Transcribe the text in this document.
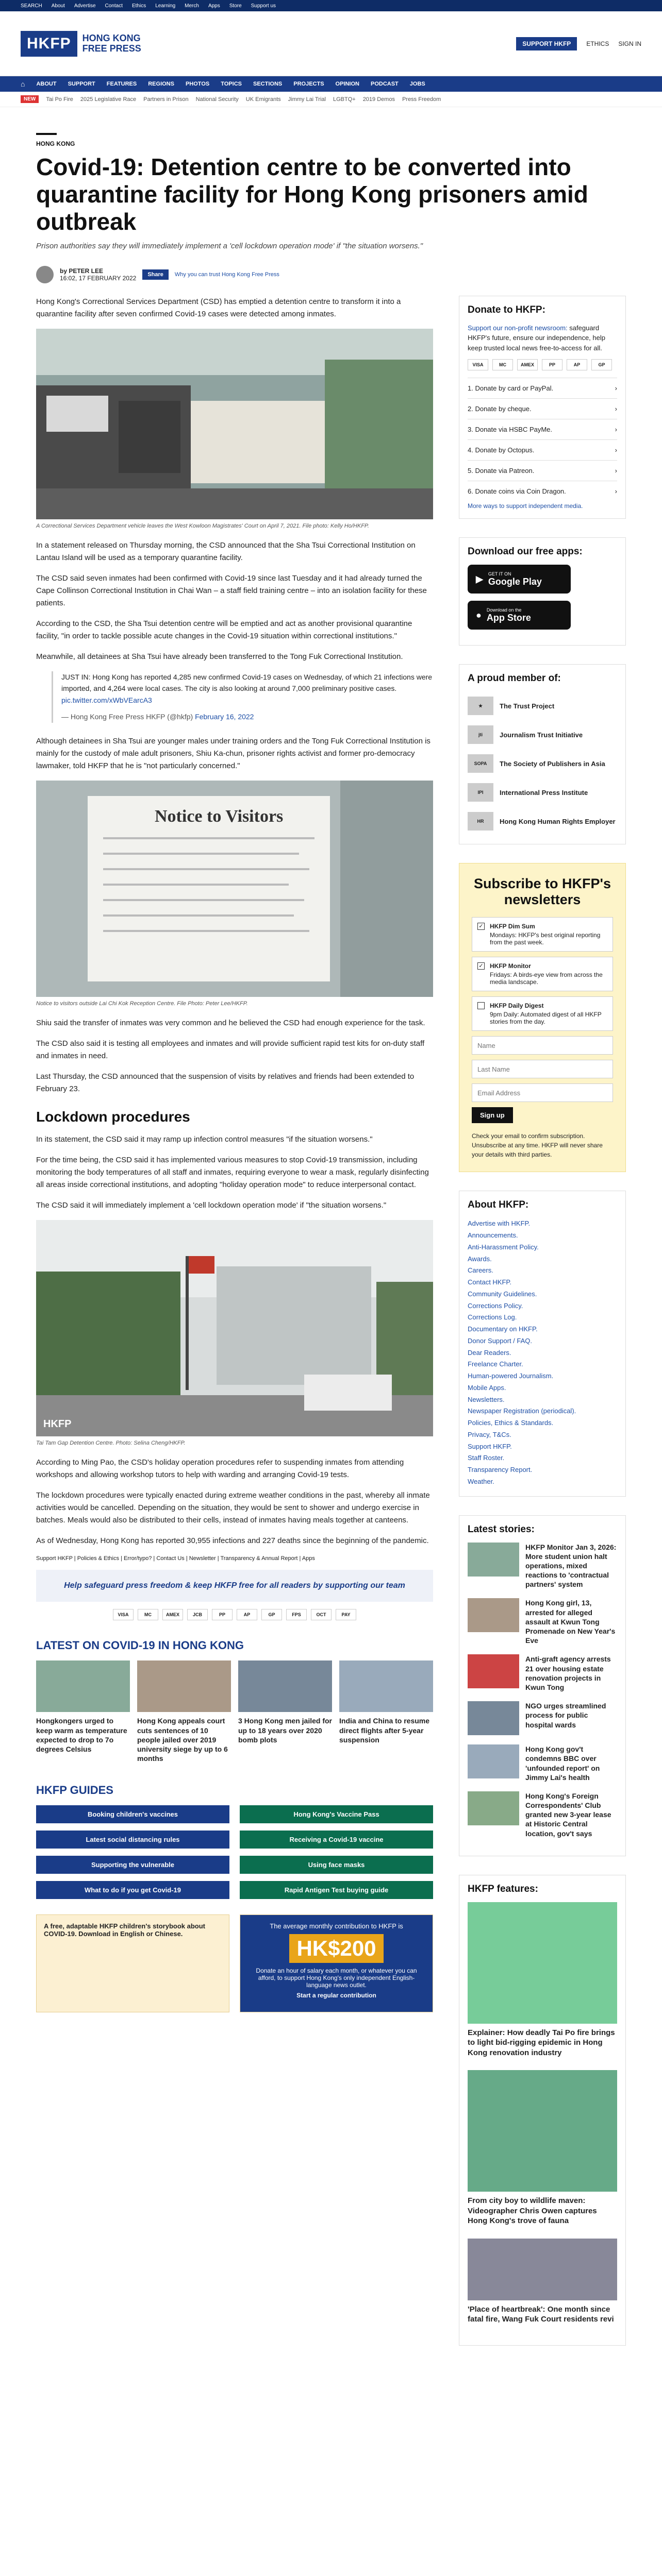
SEARCH About Advertise Contact Ethics Learning Merch Apps Store Support us
HKFP	HONG KONG
FREE PRESS	SUPPORT HKFP	ETHICS SIGN IN
⌂ ABOUT SUPPORT FEATURES REGIONS PHOTOS TOPICS SECTIONS PROJECTS OPINION PODCAST JOBS
NEW	Tai Po Fire 2025 Legislative Race Partners in Prison National Security UK Emigrants Jimmy Lai Trial LGBTQ+ 2019 Demos Press Freedom
HONG KONG
Covid-19: Detention centre to be converted into quarantine facility for Hong Kong prisoners amid outbreak
Prison authorities say they will immediately implement a 'cell lockdown operation mode' if "the situation worsens."
by PETER LEE
16:02, 17 FEBRUARY 2022	Share	Why you can trust Hong Kong Free Press

Hong Kong's Correctional Services Department (CSD) has emptied a detention centre to transform it into a quarantine facility after seven confirmed Covid-19 cases were detected among inmates.

A Correctional Services Department vehicle leaves the West Kowloon Magistrates' Court on April 7, 2021. File photo: Kelly Ho/HKFP.

In a statement released on Thursday morning, the CSD announced that the Sha Tsui Correctional Institution on Lantau Island will be used as a temporary quarantine facility.

The CSD said seven inmates had been confirmed with Covid-19 since last Tuesday and it had already turned the Cape Collinson Correctional Institution in Chai Wan – a staff field training centre – into an isolation facility for these patients.

According to the CSD, the Sha Tsui detention centre will be emptied and act as another provisional quarantine facility, "in order to tackle possible acute changes in the Covid-19 situation within correctional institutions."

Meanwhile, all detainees at Sha Tsui have already been transferred to the Tong Fuk Correctional Institution.

JUST IN: Hong Kong has reported 4,285 new confirmed Covid-19 cases on Wednesday, of which 21 infections were imported, and 4,264 were local cases. The city is also looking at around 7,000 preliminary positive cases.
pic.twitter.com/xWbVEarcA3
— Hong Kong Free Press HKFP (@hkfp) February 16, 2022

Although detainees in Sha Tsui are younger males under training orders and the Tong Fuk Correctional Institution is mainly for the custody of male adult prisoners, Shiu Ka-chun, prisoner rights activist and former pro-democracy lawmaker, told HKFP that he is "not particularly concerned."

Notice to Visitors
Notice to visitors outside Lai Chi Kok Reception Centre. File Photo: Peter Lee/HKFP.

Shiu said the transfer of inmates was very common and he believed the CSD had enough experience for the task.

The CSD also said it is testing all employees and inmates and will provide sufficient rapid test kits for on-duty staff and inmates in need.

Last Thursday, the CSD announced that the suspension of visits by relatives and friends had been extended to February 23.

Lockdown procedures

In its statement, the CSD said it may ramp up infection control measures "if the situation worsens."

For the time being, the CSD said it has implemented various measures to stop Covid-19 transmission, including monitoring the body temperatures of all staff and inmates, requiring everyone to wear a mask, regularly disinfecting all areas inside correctional institutions, and adopting "holiday operation mode" to reduce interpersonal contact.

The CSD said it will immediately implement a 'cell lockdown operation mode' if "the situation worsens."

HKFP
Tai Tam Gap Detention Centre. Photo: Selina Cheng/HKFP.

According to Ming Pao, the CSD's holiday operation procedures refer to suspending inmates from attending workshops and allowing workshop tutors to help with warding and arranging Covid-19 tests.

The lockdown procedures were typically enacted during extreme weather conditions in the past, whereby all inmate activities would be cancelled. Depending on the situation, they would be sent to shower and undergo exercise in batches. Meals would also be distributed to their cells, instead of inmates having meals together at canteens.

As of Wednesday, Hong Kong has reported 30,955 infections and 227 deaths since the beginning of the pandemic.

Support HKFP | Policies & Ethics | Error/typo? | Contact Us | Newsletter | Transparency & Annual Report | Apps
Help safeguard press freedom & keep HKFP free for all readers by supporting our team
VISA	MC	AMEX	JCB	PP	AP	GP	FPS	OCT	PAY
LATEST ON COVID-19 IN HONG KONG
Hongkongers urged to keep warm as temperature expected to drop to 7o degrees Celsius
Hong Kong appeals court cuts sentences of 10 people jailed over 2019 university siege by up to 6 months
3 Hong Kong men jailed for up to 18 years over 2020 bomb plots
India and China to resume direct flights after 5-year suspension
HKFP GUIDES
Booking children's vaccines	Hong Kong's Vaccine Pass
Latest social distancing rules	Receiving a Covid-19 vaccine
Supporting the vulnerable	Using face masks
What to do if you get Covid-19	Rapid Antigen Test buying guide
A free, adaptable HKFP children's storybook about COVID-19. Download in English or Chinese.
The average monthly contribution to HKFP is
HK$200
Donate an hour of salary each month, or whatever you can afford, to support Hong Kong's only independent English-language news outlet.
Start a regular contribution
Donate to HKFP:

Support our non-profit newsroom: safeguard HKFP's future, ensure our independence, help keep trusted local news free-to-access for all.

VISA	MC	AMEX	PP	AP	GP
1. Donate by card or PayPal.	›
2. Donate by cheque.	›
3. Donate via HSBC PayMe.	›
4. Donate by Octopus.	›
5. Donate via Patreon.	›
6. Donate coins via Coin Dragon.	›
More ways to support independent media.
Download our free apps:
▶ GET IT ON
Google Play
● Download on the
App Store
A proud member of:
★	The Trust Project
jti	Journalism Trust Initiative
SOPA	The Society of Publishers in Asia
IPI	International Press Institute
HR	Hong Kong Human Rights Employer
Subscribe to HKFP's newsletters
✓ HKFP Dim Sum
Mondays: HKFP's best original reporting from the past week.
✓ HKFP Monitor
Fridays: A birds-eye view from across the media landscape.
HKFP Daily Digest
9pm Daily: Automated digest of all HKFP stories from the day.
Name Last Name Email Address Sign up
Check your email to confirm subscription. Unsubscribe at any time. HKFP will never share your details with third parties.
About HKFP:
Advertise with HKFP.
Announcements.
Anti-Harassment Policy.
Awards.
Careers.
Contact HKFP.
Community Guidelines.
Corrections Policy.
Corrections Log.
Documentary on HKFP.
Donor Support / FAQ.
Dear Readers.
Freelance Charter.
Human-powered Journalism.
Mobile Apps.
Newsletters.
Newspaper Registration (periodical).
Policies, Ethics & Standards.
Privacy, T&Cs.
Support HKFP.
Staff Roster.
Transparency Report.
Weather.
Latest stories:
HKFP Monitor Jan 3, 2026: More student union halt operations, mixed reactions to 'contractual partners' system
Hong Kong girl, 13, arrested for alleged assault at Kwun Tong Promenade on New Year's Eve
Anti-graft agency arrests 21 over housing estate renovation projects in Kwun Tong
NGO urges streamlined process for public hospital wards
Hong Kong gov't condemns BBC over 'unfounded report' on Jimmy Lai's health
Hong Kong's Foreign Correspondents' Club granted new 3-year lease at Historic Central location, gov't says
HKFP features:
Explainer: How deadly Tai Po fire brings to light bid-rigging epidemic in Hong Kong renovation industry
From city boy to wildlife maven: Videographer Chris Owen captures Hong Kong's trove of fauna
'Place of heartbreak': One month since fatal fire, Wang Fuk Court residents revi
